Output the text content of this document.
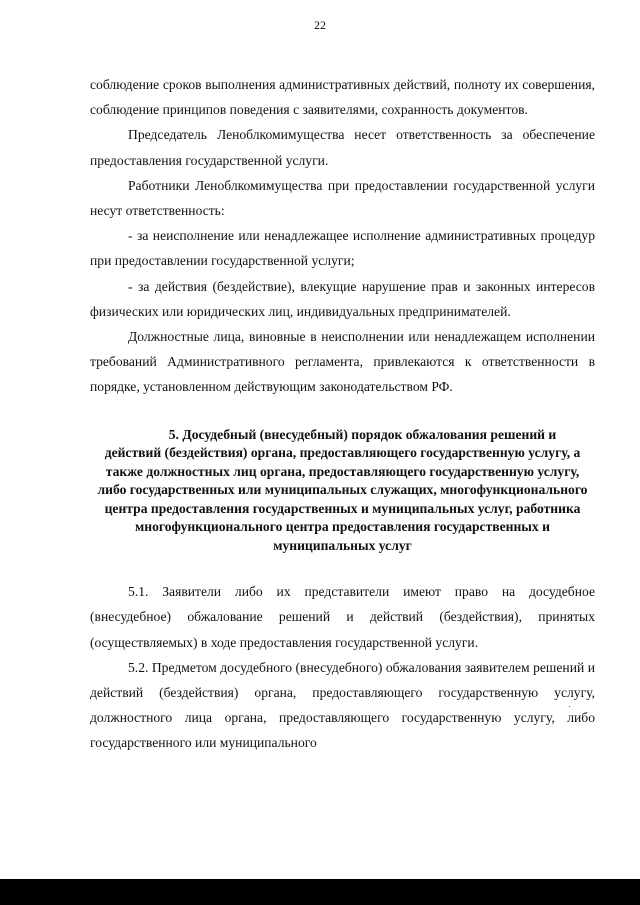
22

соблюдение сроков выполнения административных действий, полноту их совершения, соблюдение принципов поведения с заявителями, сохранность документов.

Председатель Леноблкомимущества несет ответственность за обеспечение предоставления государственной услуги.

Работники Леноблкомимущества при предоставлении государственной услуги несут ответственность:

- за неисполнение или ненадлежащее исполнение административных процедур при предоставлении государственной услуги;

- за действия (бездействие), влекущие нарушение прав и законных интересов физических или юридических лиц, индивидуальных предпринимателей.

Должностные лица, виновные в неисполнении или ненадлежащем исполнении требований Административного регламента, привлекаются к ответственности в порядке, установленном действующим законодательством РФ.

5. Досудебный (внесудебный) порядок обжалования решений и
действий (бездействия) органа, предоставляющего государственную услугу, а также должностных лиц органа, предоставляющего государственную услугу, либо государственных или муниципальных служащих, многофункционального центра предоставления государственных и муниципальных услуг, работника многофункционального центра предоставления государственных и муниципальных услуг

5.1. Заявители либо их представители имеют право на досудебное (внесудебное) обжалование решений и действий (бездействия), принятых (осуществляемых) в ходе предоставления государственной услуги.

5.2. Предметом досудебного (внесудебного) обжалования заявителем решений и действий (бездействия) органа, предоставляющего государственную услугу, должностного лица органа, предоставляющего государственную услугу, либо государственного или муниципального
